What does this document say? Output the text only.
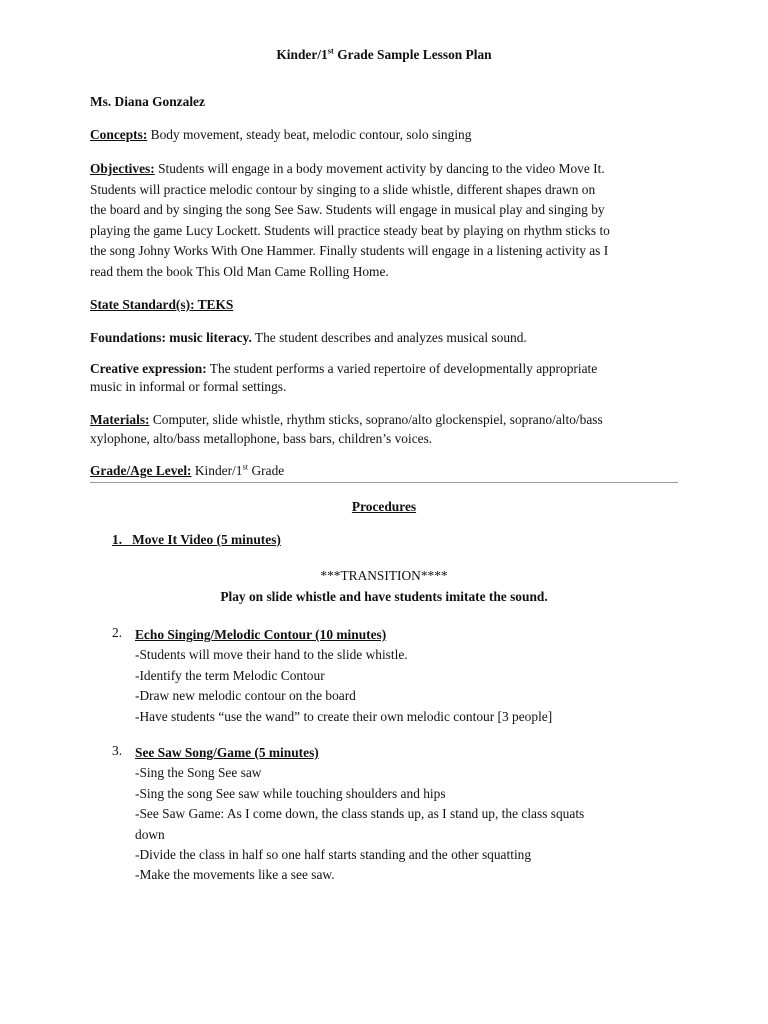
Kinder/1st Grade Sample Lesson Plan
Ms. Diana Gonzalez
Concepts: Body movement, steady beat, melodic contour, solo singing
Objectives: Students will engage in a body movement activity by dancing to the video Move It.
Students will practice melodic contour by singing to a slide whistle, different shapes drawn on
the board and by singing the song See Saw. Students will engage in musical play and singing by
playing the game Lucy Lockett. Students will practice steady beat by playing on rhythm sticks to
the song Johny Works With One Hammer. Finally students will engage in a listening activity as I
read them the book This Old Man Came Rolling Home.
State Standard(s): TEKS
Foundations: music literacy. The student describes and analyzes musical sound.
Creative expression: The student performs a varied repertoire of developmentally appropriate
music in informal or formal settings.
Materials: Computer, slide whistle, rhythm sticks, soprano/alto glockenspiel, soprano/alto/bass
xylophone, alto/bass metallophone, bass bars, children’s voices.
Grade/Age Level: Kinder/1st Grade
Procedures
1. Move It Video (5 minutes)
***TRANSITION****
Play on slide whistle and have students imitate the sound.
2. Echo Singing/Melodic Contour (10 minutes)
-Students will move their hand to the slide whistle.
-Identify the term Melodic Contour
-Draw new melodic contour on the board
-Have students “use the wand” to create their own melodic contour [3 people]
3. See Saw Song/Game (5 minutes)
-Sing the Song See saw
-Sing the song See saw while touching shoulders and hips
-See Saw Game: As I come down, the class stands up, as I stand up, the class squats
down
-Divide the class in half so one half starts standing and the other squatting
-Make the movements like a see saw.
